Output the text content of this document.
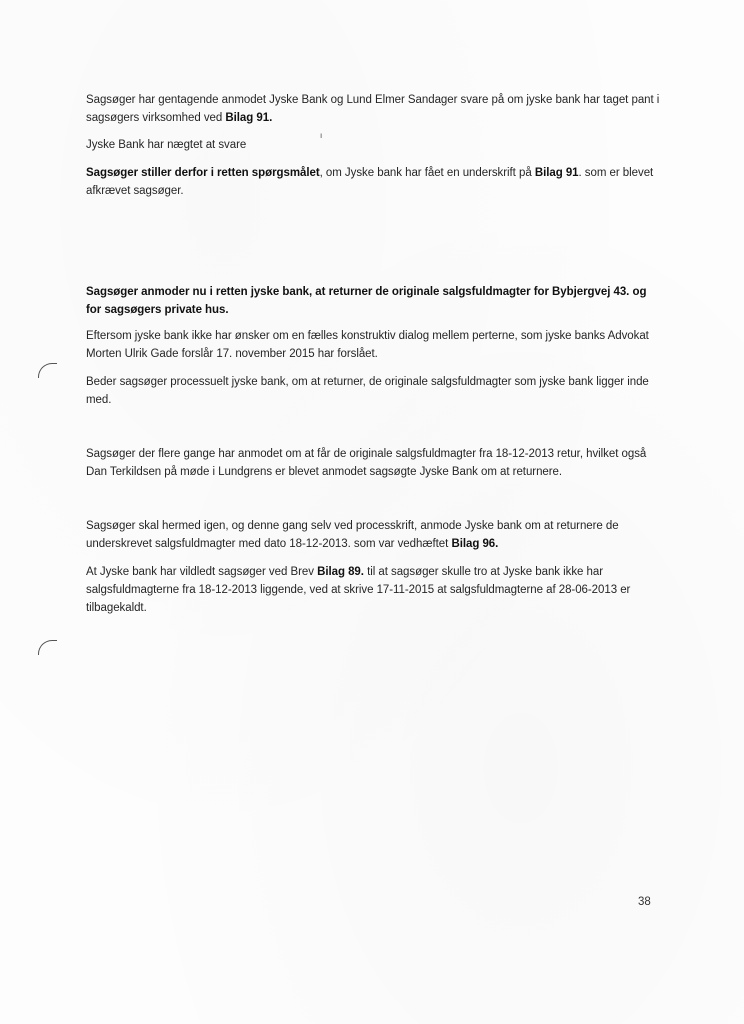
Sagsøger har gentagende anmodet Jyske Bank og Lund Elmer Sandager svare på om jyske bank har taget pant i sagsøgers virksomhed ved Bilag 91.

Jyske Bank har nægtet at svare

Sagsøger stiller derfor i retten spørgsmålet, om Jyske bank har fået en underskrift på Bilag 91. som er blevet afkrævet sagsøger.

Sagsøger anmoder nu i retten jyske bank, at returner de originale salgsfuldmagter for Bybjergvej 43. og for sagsøgers private hus.

Eftersom jyske bank ikke har ønsker om en fælles konstruktiv dialog mellem perterne, som jyske banks Advokat Morten Ulrik Gade forslår 17. november 2015 har forslået.

Beder sagsøger processuelt jyske bank, om at returner, de originale salgsfuldmagter som jyske bank ligger inde med.

Sagsøger der flere gange har anmodet om at får de originale salgsfuldmagter fra 18-12-2013 retur, hvilket også Dan Terkildsen på møde i Lundgrens er blevet anmodet sagsøgte Jyske Bank om at returnere.

Sagsøger skal hermed igen, og denne gang selv ved processkrift, anmode Jyske bank om at returnere de underskrevet salgsfuldmagter med dato 18-12-2013. som var vedhæftet Bilag 96.

At Jyske bank har vildledt sagsøger ved Brev Bilag 89. til at sagsøger skulle tro at Jyske bank ikke har salgsfuldmagterne fra 18-12-2013 liggende, ved at skrive 17-11-2015 at salgsfuldmagterne af 28-06-2013 er tilbagekaldt.

ı
38
